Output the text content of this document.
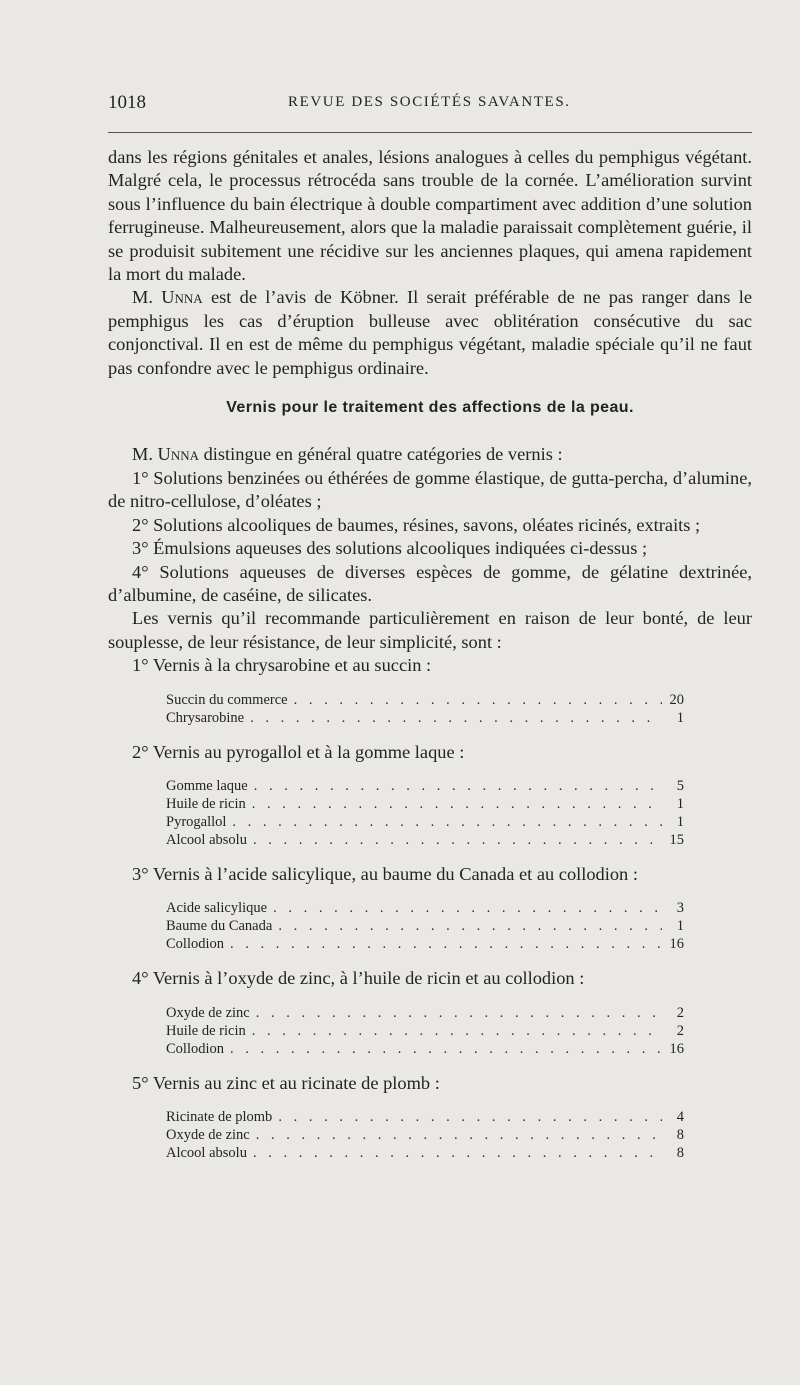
1018	REVUE DES SOCIÉTÉS SAVANTES.

dans les régions génitales et anales, lésions analogues à celles du pemphigus végétant. Malgré cela, le processus rétrocéda sans trouble de la cornée. L’amélioration survint sous l’influence du bain électrique à double compartiment avec addition d’une solution ferrugineuse. Malheureusement, alors que la maladie paraissait complètement guérie, il se produisit subitement une récidive sur les anciennes plaques, qui amena rapidement la mort du malade.

M. Unna est de l’avis de Köbner. Il serait préférable de ne pas ranger dans le pemphigus les cas d’éruption bulleuse avec oblitération consécutive du sac conjonctival. Il en est de même du pemphigus végétant, maladie spéciale qu’il ne faut pas confondre avec le pemphigus ordinaire.

Vernis pour le traitement des affections de la peau.

M. Unna distingue en général quatre catégories de vernis :

1° Solutions benzinées ou éthérées de gomme élastique, de gutta-percha, d’alumine, de nitro-cellulose, d’oléates ;

2° Solutions alcooliques de baumes, résines, savons, oléates ricinés, extraits ;

3° Émulsions aqueuses des solutions alcooliques indiquées ci-dessus ;

4° Solutions aqueuses de diverses espèces de gomme, de gélatine dextrinée, d’albumine, de caséine, de silicates.

Les vernis qu’il recommande particulièrement en raison de leur bonté, de leur souplesse, de leur résistance, de leur simplicité, sont :

1° Vernis à la chrysarobine et au succin :

Succin du commerce . . .	20
Chrysarobine . . .	1

2° Vernis au pyrogallol et à la gomme laque :

Gomme laque . . .	5
Huile de ricin . . .	1
Pyrogallol . . .	1
Alcool absolu . . .	15

3° Vernis à l’acide salicylique, au baume du Canada et au collodion :

Acide salicylique . . .	3
Baume du Canada . . .	1
Collodion . . .	16

4° Vernis à l’oxyde de zinc, à l’huile de ricin et au collodion :

Oxyde de zinc . . .	2
Huile de ricin . . .	2
Collodion . . .	16

5° Vernis au zinc et au ricinate de plomb :

Ricinate de plomb . . .	4
Oxyde de zinc . . .	8
Alcool absolu . . .	8
